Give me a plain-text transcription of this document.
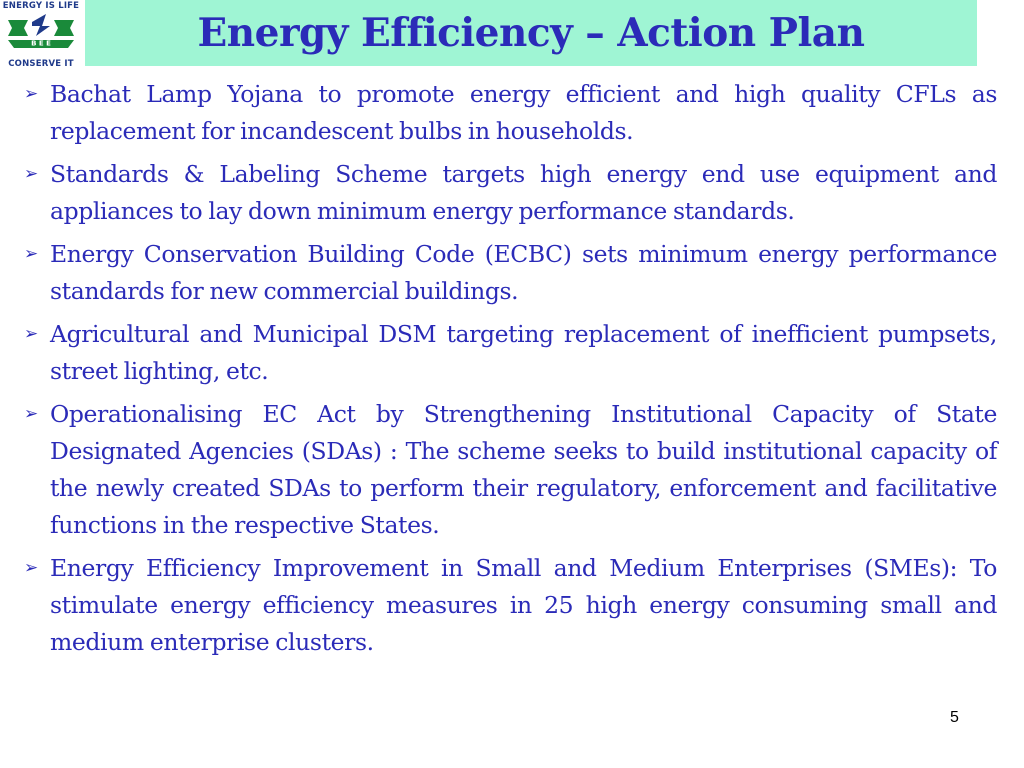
ENERGY IS LIFE
B E E
CONSERVE IT
Energy Efficiency – Action Plan
➢ Bachat Lamp Yojana to promote energy efficient and high quality CFLs as replacement for incandescent bulbs in households.
➢ Standards & Labeling Scheme targets high energy end use equipment and appliances to lay down minimum energy performance standards.
➢ Energy Conservation Building Code (ECBC) sets minimum energy performance standards for new commercial buildings.
➢ Agricultural and Municipal DSM targeting replacement of inefficient pumpsets, street lighting, etc.
➢ Operationalising EC Act by Strengthening Institutional Capacity of State Designated Agencies (SDAs) : The scheme seeks to build institutional capacity of the newly created SDAs to perform their regulatory, enforcement and facilitative functions in the respective States.
➢ Energy Efficiency Improvement in Small and Medium Enterprises (SMEs): To stimulate energy efficiency measures in 25 high energy consuming small and medium enterprise clusters.
5
